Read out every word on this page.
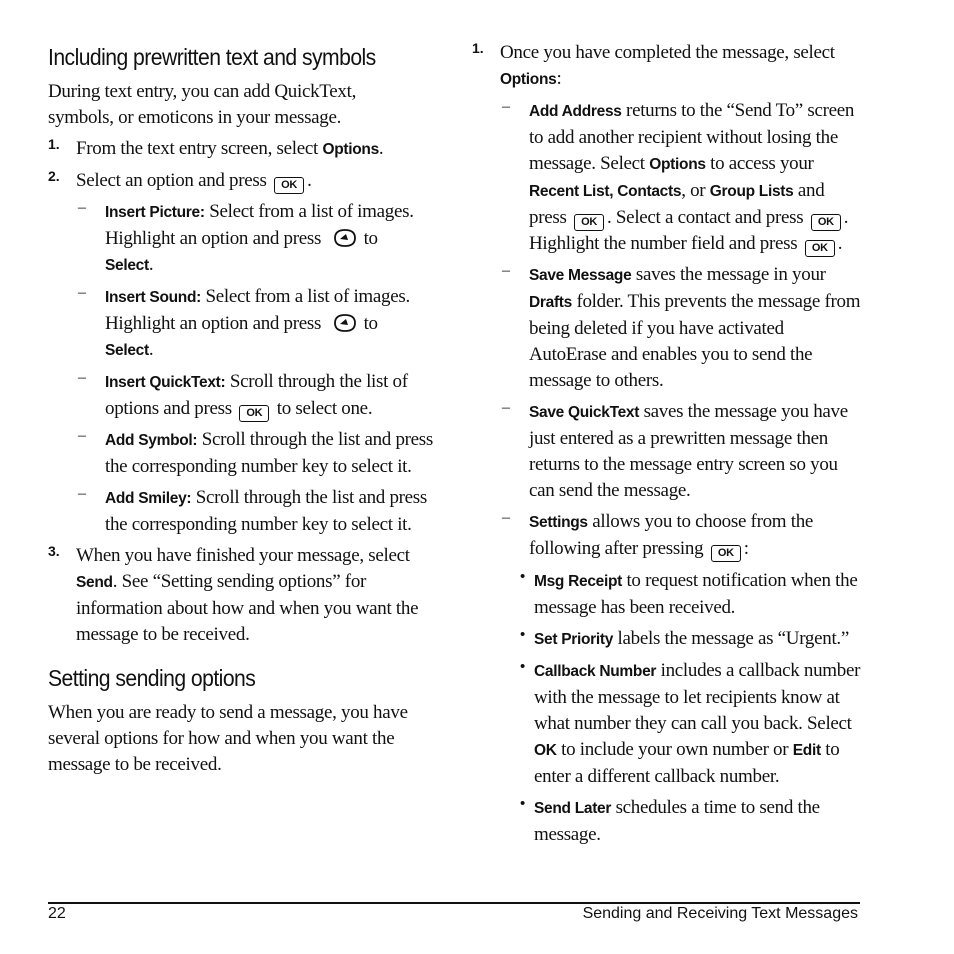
Including prewritten text and symbols

During text entry, you can add QuickText, symbols, or emoticons in your message.

1. From the text entry screen, select Options.

2. Select an option and press OK .

– Insert Picture: Select from a list of images. Highlight an option and press to
Select.

– Insert Sound: Select from a list of images. Highlight an option and press to
Select.

– Insert QuickText: Scroll through the list of options and press OK to select one.

– Add Symbol: Scroll through the list and press the corresponding number key to select it.

– Add Smiley: Scroll through the list and press the corresponding number key to select it.

3. When you have finished your message, select
Send. See “Setting sending options” for information about how and when you want the message to be received.

Setting sending options

When you are ready to send a message, you have several options for how and when you want the message to be received.

1. Once you have completed the message, select
Options:

– Add Address returns to the “Send To” screen to add another recipient without losing the message. Select Options to access your Recent List, Contacts, or Group Lists and press OK . Select a contact and press OK . Highlight the number field and press OK .

– Save Message saves the message in your Drafts folder. This prevents the message from being deleted if you have activated AutoErase and enables you to send the message to others.

– Save QuickText saves the message you have just entered as a prewritten message then returns to the message entry screen so you can send the message.

– Settings allows you to choose from the following after pressing OK :

• Msg Receipt to request notification when the message has been received.

• Set Priority labels the message as “Urgent.”

• Callback Number includes a callback number with the message to let recipients know at what number they can call you back. Select OK to include your own number or Edit to enter a different callback number.

• Send Later schedules a time to send the message.

22	Sending and Receiving Text Messages
